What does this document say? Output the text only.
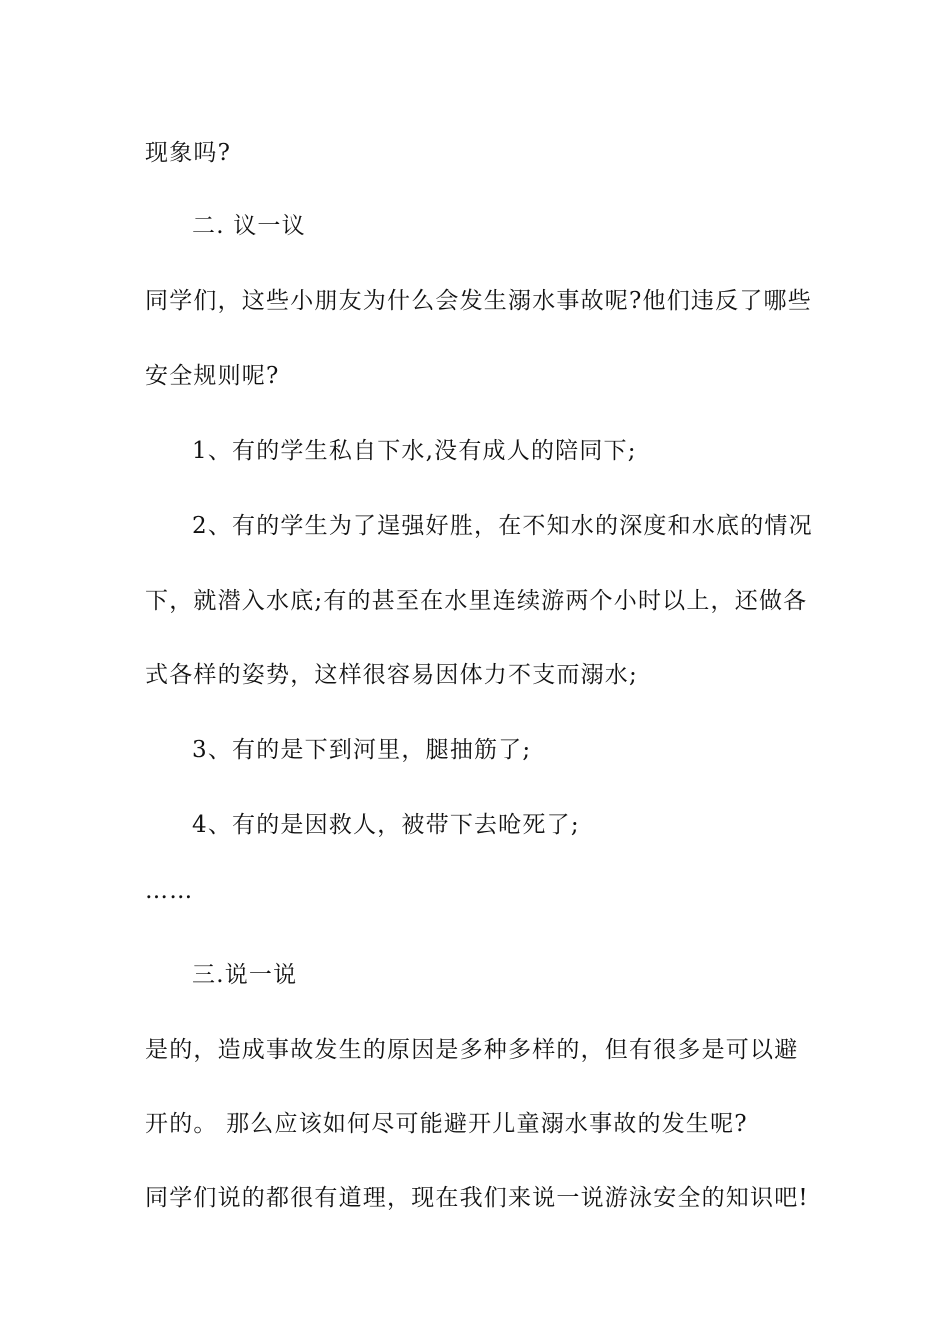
现象吗?
二. 议一议
同学们，这些小朋友为什么会发生溺水事故呢?他们违反了哪些
安全规则呢?
1、有的学生私自下水,没有成人的陪同下;
2、有的学生为了逞强好胜，在不知水的深度和水底的情况
下，就潜入水底;有的甚至在水里连续游两个小时以上，还做各
式各样的姿势，这样很容易因体力不支而溺水;
3、有的是下到河里，腿抽筋了;
4、有的是因救人，被带下去呛死了;
……
三.说一说
是的，造成事故发生的原因是多种多样的，但有很多是可以避
开的。 那么应该如何尽可能避开儿童溺水事故的发生呢?
同学们说的都很有道理，现在我们来说一说游泳安全的知识吧!
